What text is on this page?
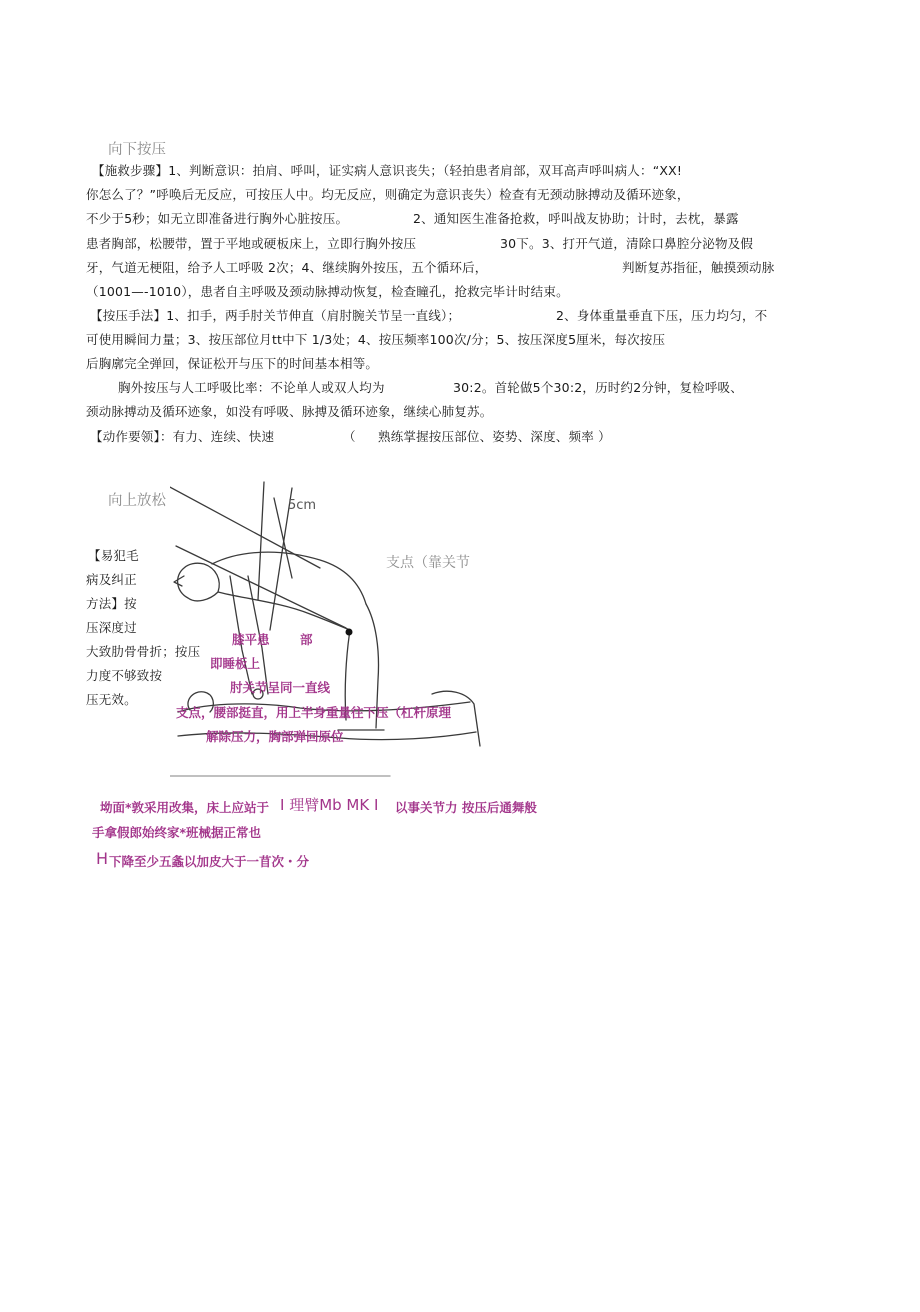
向下按压
【施救步骤】1、判断意识：拍肩、呼叫，证实病人意识丧失；（轻拍患者肩部，双耳高声呼叫病人：“XX!
你怎么了？”呼唤后无反应，可按压人中。均无反应，则确定为意识丧失）检查有无颈动脉搏动及循环迹象，
不少于5秒；如无立即准备进行胸外心脏按压。	2、通知医生准备抢救，呼叫战友协助；计时，去枕，暴露
患者胸部，松腰带，置于平地或硬板床上，立即行胸外按压	30下。3、打开气道，清除口鼻腔分泌物及假
牙，气道无梗阻，给予人工呼吸 2次；4、继续胸外按压，五个循环后，	判断复苏指征，触摸颈动脉
（1001—-1010），患者自主呼吸及颈动脉搏动恢复，检查瞳孔，抢救完毕计时结束。
【按压手法】1、扣手，两手肘关节伸直（肩肘腕关节呈一直线）；	2、身体重量垂直下压，压力均匀，不
可使用瞬间力量；3、按压部位月tt中下 1/3处；4、按压频率100次/分；5、按压深度5厘米，每次按压
后胸廓完全弹回，保证松开与压下的时间基本相等。
胸外按压与人工呼吸比率：不论单人或双人均为	30:2。首轮做5个30:2，历时约2分钟，复检呼吸、
颈动脉搏动及循环迹象，如没有呼吸、脉搏及循环迹象，继续心肺复苏。
【动作要领】：有力、连续、快速	（ 熟练掌握按压部位、姿势、深度、频率 ）
向上放松
【易犯毛
病及纠正
方法】按
压深度过
大致肋骨骨折；按压
力度不够致按
压无效。
5cm
支点（靠关节
膝平患 部
即睡板上
肘关节呈同一直线
支点，腰部挺直，用上半身重量往下压（杠杆原理
解除压力，胸部弹回原位
坳面*敦采用改集，床上应站于 I 理臂Mb MK I 以事关节力 按压后通舞般
手拿假郎始终家*班械据正常也
H 下降至少五螽以加皮大于一苜次・分
